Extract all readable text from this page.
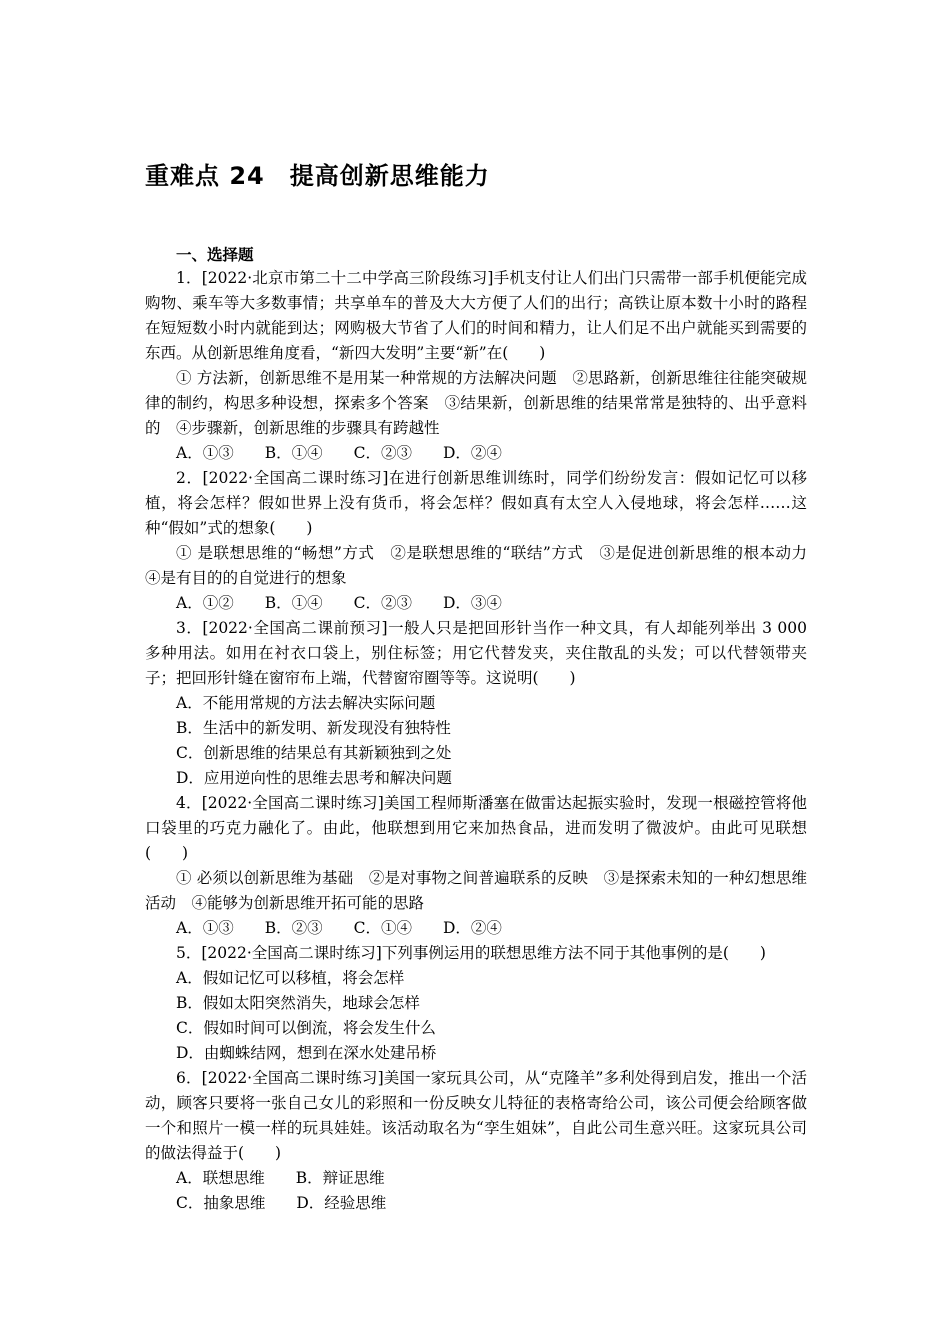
重难点 24　提高创新思维能力
一、选择题

1．[2022·北京市第二十二中学高三阶段练习]手机支付让人们出门只需带一部手机便能完成购物、乘车等大多数事情；共享单车的普及大大方便了人们的出行；高铁让原本数十小时的路程在短短数小时内就能到达；网购极大节省了人们的时间和精力，让人们足不出户就能买到需要的东西。从创新思维角度看，“新四大发明”主要“新”在(　　)

① 方法新，创新思维不是用某一种常规的方法解决问题　②思路新，创新思维往往能突破规律的制约，构思多种设想，探索多个答案　③结果新，创新思维的结果常常是独特的、出乎意料的　④步骤新，创新思维的步骤具有跨越性

A．①③　　B．①④　　C．②③　　D．②④

2．[2022·全国高二课时练习]在进行创新思维训练时，同学们纷纷发言：假如记忆可以移植，将会怎样？假如世界上没有货币，将会怎样？假如真有太空人入侵地球，将会怎样……这种“假如”式的想象(　　)

① 是联想思维的“畅想”方式　②是联想思维的“联结”方式　③是促进创新思维的根本动力　④是有目的的自觉进行的想象

A．①②　　B．①④　　C．②③　　D．③④

3．[2022·全国高二课前预习]一般人只是把回形针当作一种文具，有人却能列举出 3 000 多种用法。如用在衬衣口袋上，别住标签；用它代替发夹，夹住散乱的头发；可以代替领带夹子；把回形针缝在窗帘布上端，代替窗帘圈等等。这说明(　　)

A．不能用常规的方法去解决实际问题

B．生活中的新发明、新发现没有独特性

C．创新思维的结果总有其新颖独到之处

D．应用逆向性的思维去思考和解决问题

4．[2022·全国高二课时练习]美国工程师斯潘塞在做雷达起振实验时，发现一根磁控管将他口袋里的巧克力融化了。由此，他联想到用它来加热食品，进而发明了微波炉。由此可见联想(　　)

① 必须以创新思维为基础　②是对事物之间普遍联系的反映　③是探索未知的一种幻想思维活动　④能够为创新思维开拓可能的思路

A．①③　　B．②③　　C．①④　　D．②④

5．[2022·全国高二课时练习]下列事例运用的联想思维方法不同于其他事例的是(　　)

A．假如记忆可以移植，将会怎样

B．假如太阳突然消失，地球会怎样

C．假如时间可以倒流，将会发生什么

D．由蜘蛛结网，想到在深水处建吊桥

6．[2022·全国高二课时练习]美国一家玩具公司，从“克隆羊”多利处得到启发，推出一个活动，顾客只要将一张自己女儿的彩照和一份反映女儿特征的表格寄给公司，该公司便会给顾客做一个和照片一模一样的玩具娃娃。该活动取名为“孪生姐妹”，自此公司生意兴旺。这家玩具公司的做法得益于(　　)

A．联想思维　　B．辩证思维

C．抽象思维　　D．经验思维
